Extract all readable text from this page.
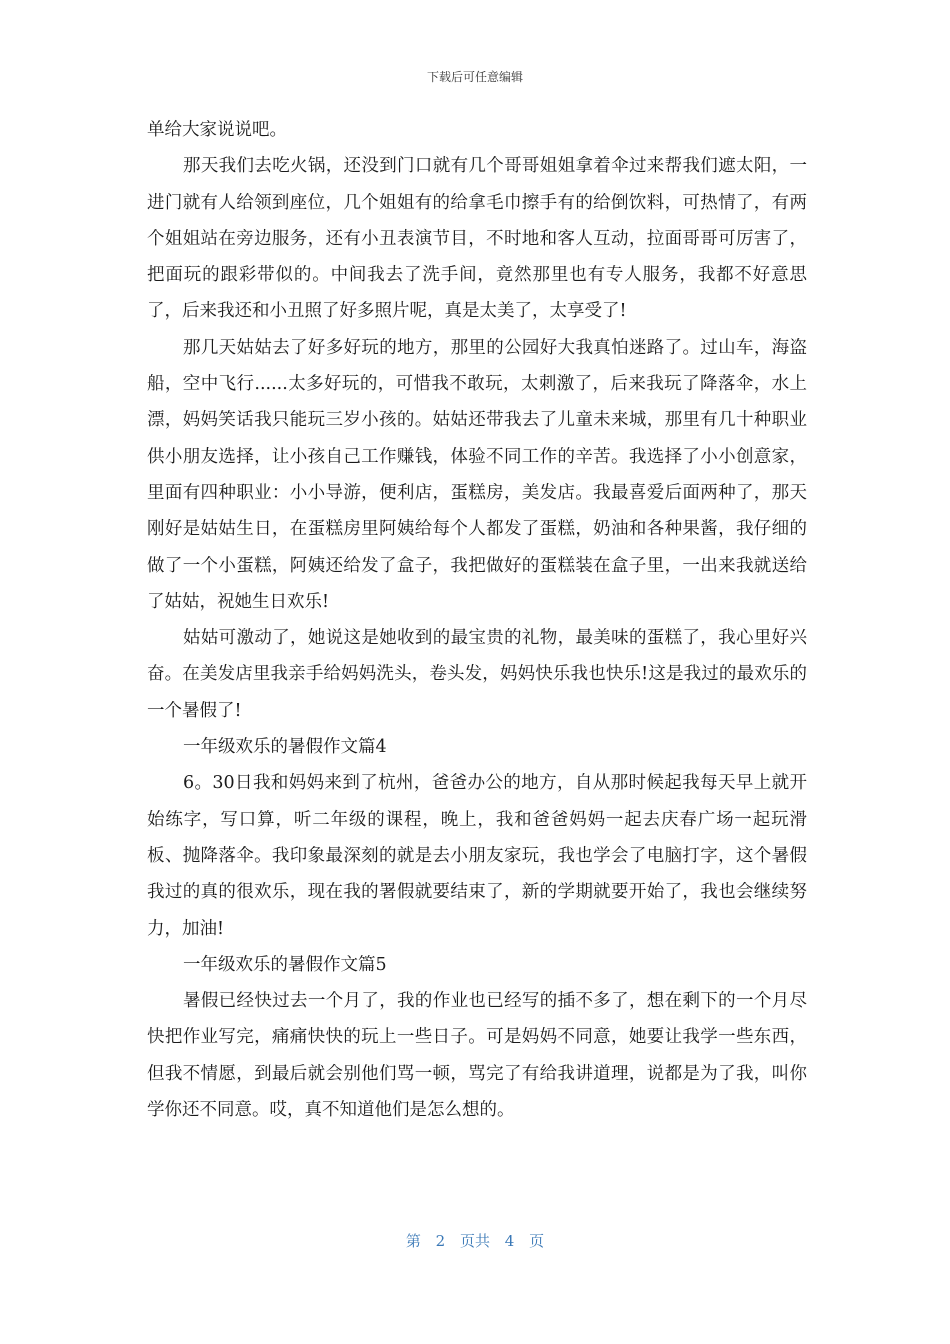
下载后可任意编辑

单给大家说说吧。

那天我们去吃火锅，还没到门口就有几个哥哥姐姐拿着伞过来帮我们遮太阳，一进门就有人给领到座位，几个姐姐有的给拿毛巾擦手有的给倒饮料，可热情了，有两个姐姐站在旁边服务，还有小丑表演节目，不时地和客人互动，拉面哥哥可厉害了，把面玩的跟彩带似的。中间我去了洗手间，竟然那里也有专人服务，我都不好意思了，后来我还和小丑照了好多照片呢，真是太美了，太享受了!

那几天姑姑去了好多好玩的地方，那里的公园好大我真怕迷路了。过山车，海盗船，空中飞行......太多好玩的，可惜我不敢玩，太刺激了，后来我玩了降落伞，水上漂，妈妈笑话我只能玩三岁小孩的。姑姑还带我去了儿童未来城，那里有几十种职业供小朋友选择，让小孩自己工作赚钱，体验不同工作的辛苦。我选择了小小创意家，里面有四种职业：小小导游，便利店，蛋糕房，美发店。我最喜爱后面两种了，那天刚好是姑姑生日，在蛋糕房里阿姨给每个人都发了蛋糕，奶油和各种果酱，我仔细的做了一个小蛋糕，阿姨还给发了盒子，我把做好的蛋糕装在盒子里，一出来我就送给了姑姑，祝她生日欢乐!

姑姑可激动了，她说这是她收到的最宝贵的礼物，最美味的蛋糕了，我心里好兴奋。在美发店里我亲手给妈妈洗头，卷头发，妈妈快乐我也快乐!这是我过的最欢乐的一个暑假了!

一年级欢乐的暑假作文篇4

6。30日我和妈妈来到了杭州，爸爸办公的地方，自从那时候起我每天早上就开始练字，写口算，听二年级的课程，晚上，我和爸爸妈妈一起去庆春广场一起玩滑板、抛降落伞。我印象最深刻的就是去小朋友家玩，我也学会了电脑打字，这个暑假我过的真的很欢乐，现在我的署假就要结束了，新的学期就要开始了，我也会继续努力，加油!

一年级欢乐的暑假作文篇5

暑假已经快过去一个月了，我的作业也已经写的插不多了，想在剩下的一个月尽快把作业写完，痛痛快快的玩上一些日子。可是妈妈不同意，她要让我学一些东西，但我不情愿，到最后就会别他们骂一顿，骂完了有给我讲道理，说都是为了我，叫你学你还不同意。哎，真不知道他们是怎么想的。

第 2 页共 4 页
